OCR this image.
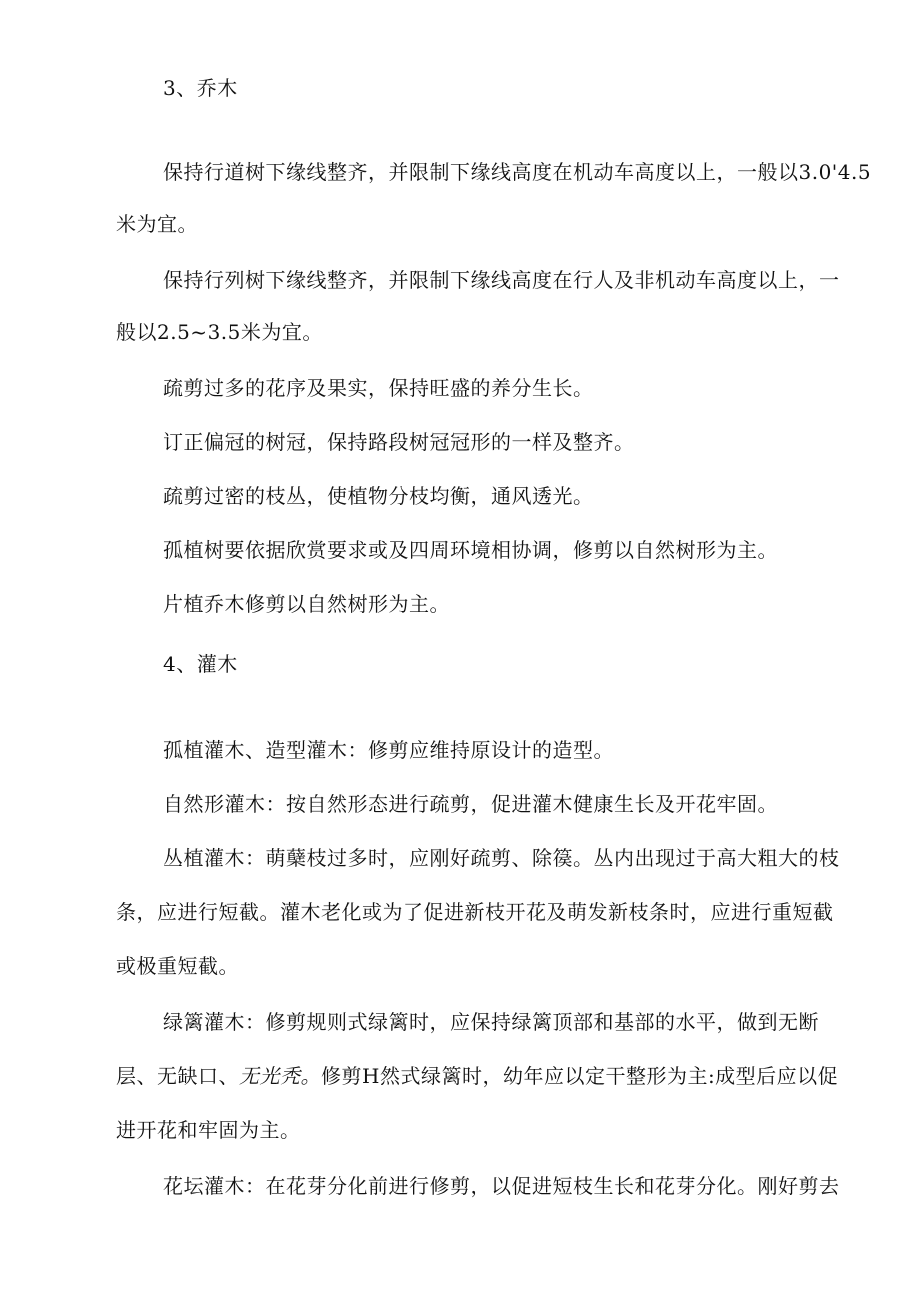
3、乔木
保持行道树下缘线整齐，并限制下缘线高度在机动车高度以上，一般以3.0'4.5
米为宜。
保持行列树下缘线整齐，并限制下缘线高度在行人及非机动车高度以上，一
般以2.5~3.5米为宜。
疏剪过多的花序及果实，保持旺盛的养分生长。
订正偏冠的树冠，保持路段树冠冠形的一样及整齐。
疏剪过密的枝丛，使植物分枝均衡，通风透光。
孤植树要依据欣赏要求或及四周环境相协调，修剪以自然树形为主。
片植乔木修剪以自然树形为主。
4、灌木
孤植灌木、造型灌木：修剪应维持原设计的造型。
自然形灌木：按自然形态进行疏剪，促进灌木健康生长及开花牢固。
丛植灌木：萌蘖枝过多时，应刚好疏剪、除篌。丛内出现过于高大粗大的枝
条，应进行短截。灌木老化或为了促进新枝开花及萌发新枝条时，应进行重短截
或极重短截。
绿篱灌木：修剪规则式绿篱时，应保持绿篱顶部和基部的水平，做到无断
层、无缺口、无光秃。修剪H然式绿篱时，幼年应以定干整形为主:成型后应以促
进开花和牢固为主。
花坛灌木：在花芽分化前进行修剪，以促进短枝生长和花芽分化。刚好剪去
